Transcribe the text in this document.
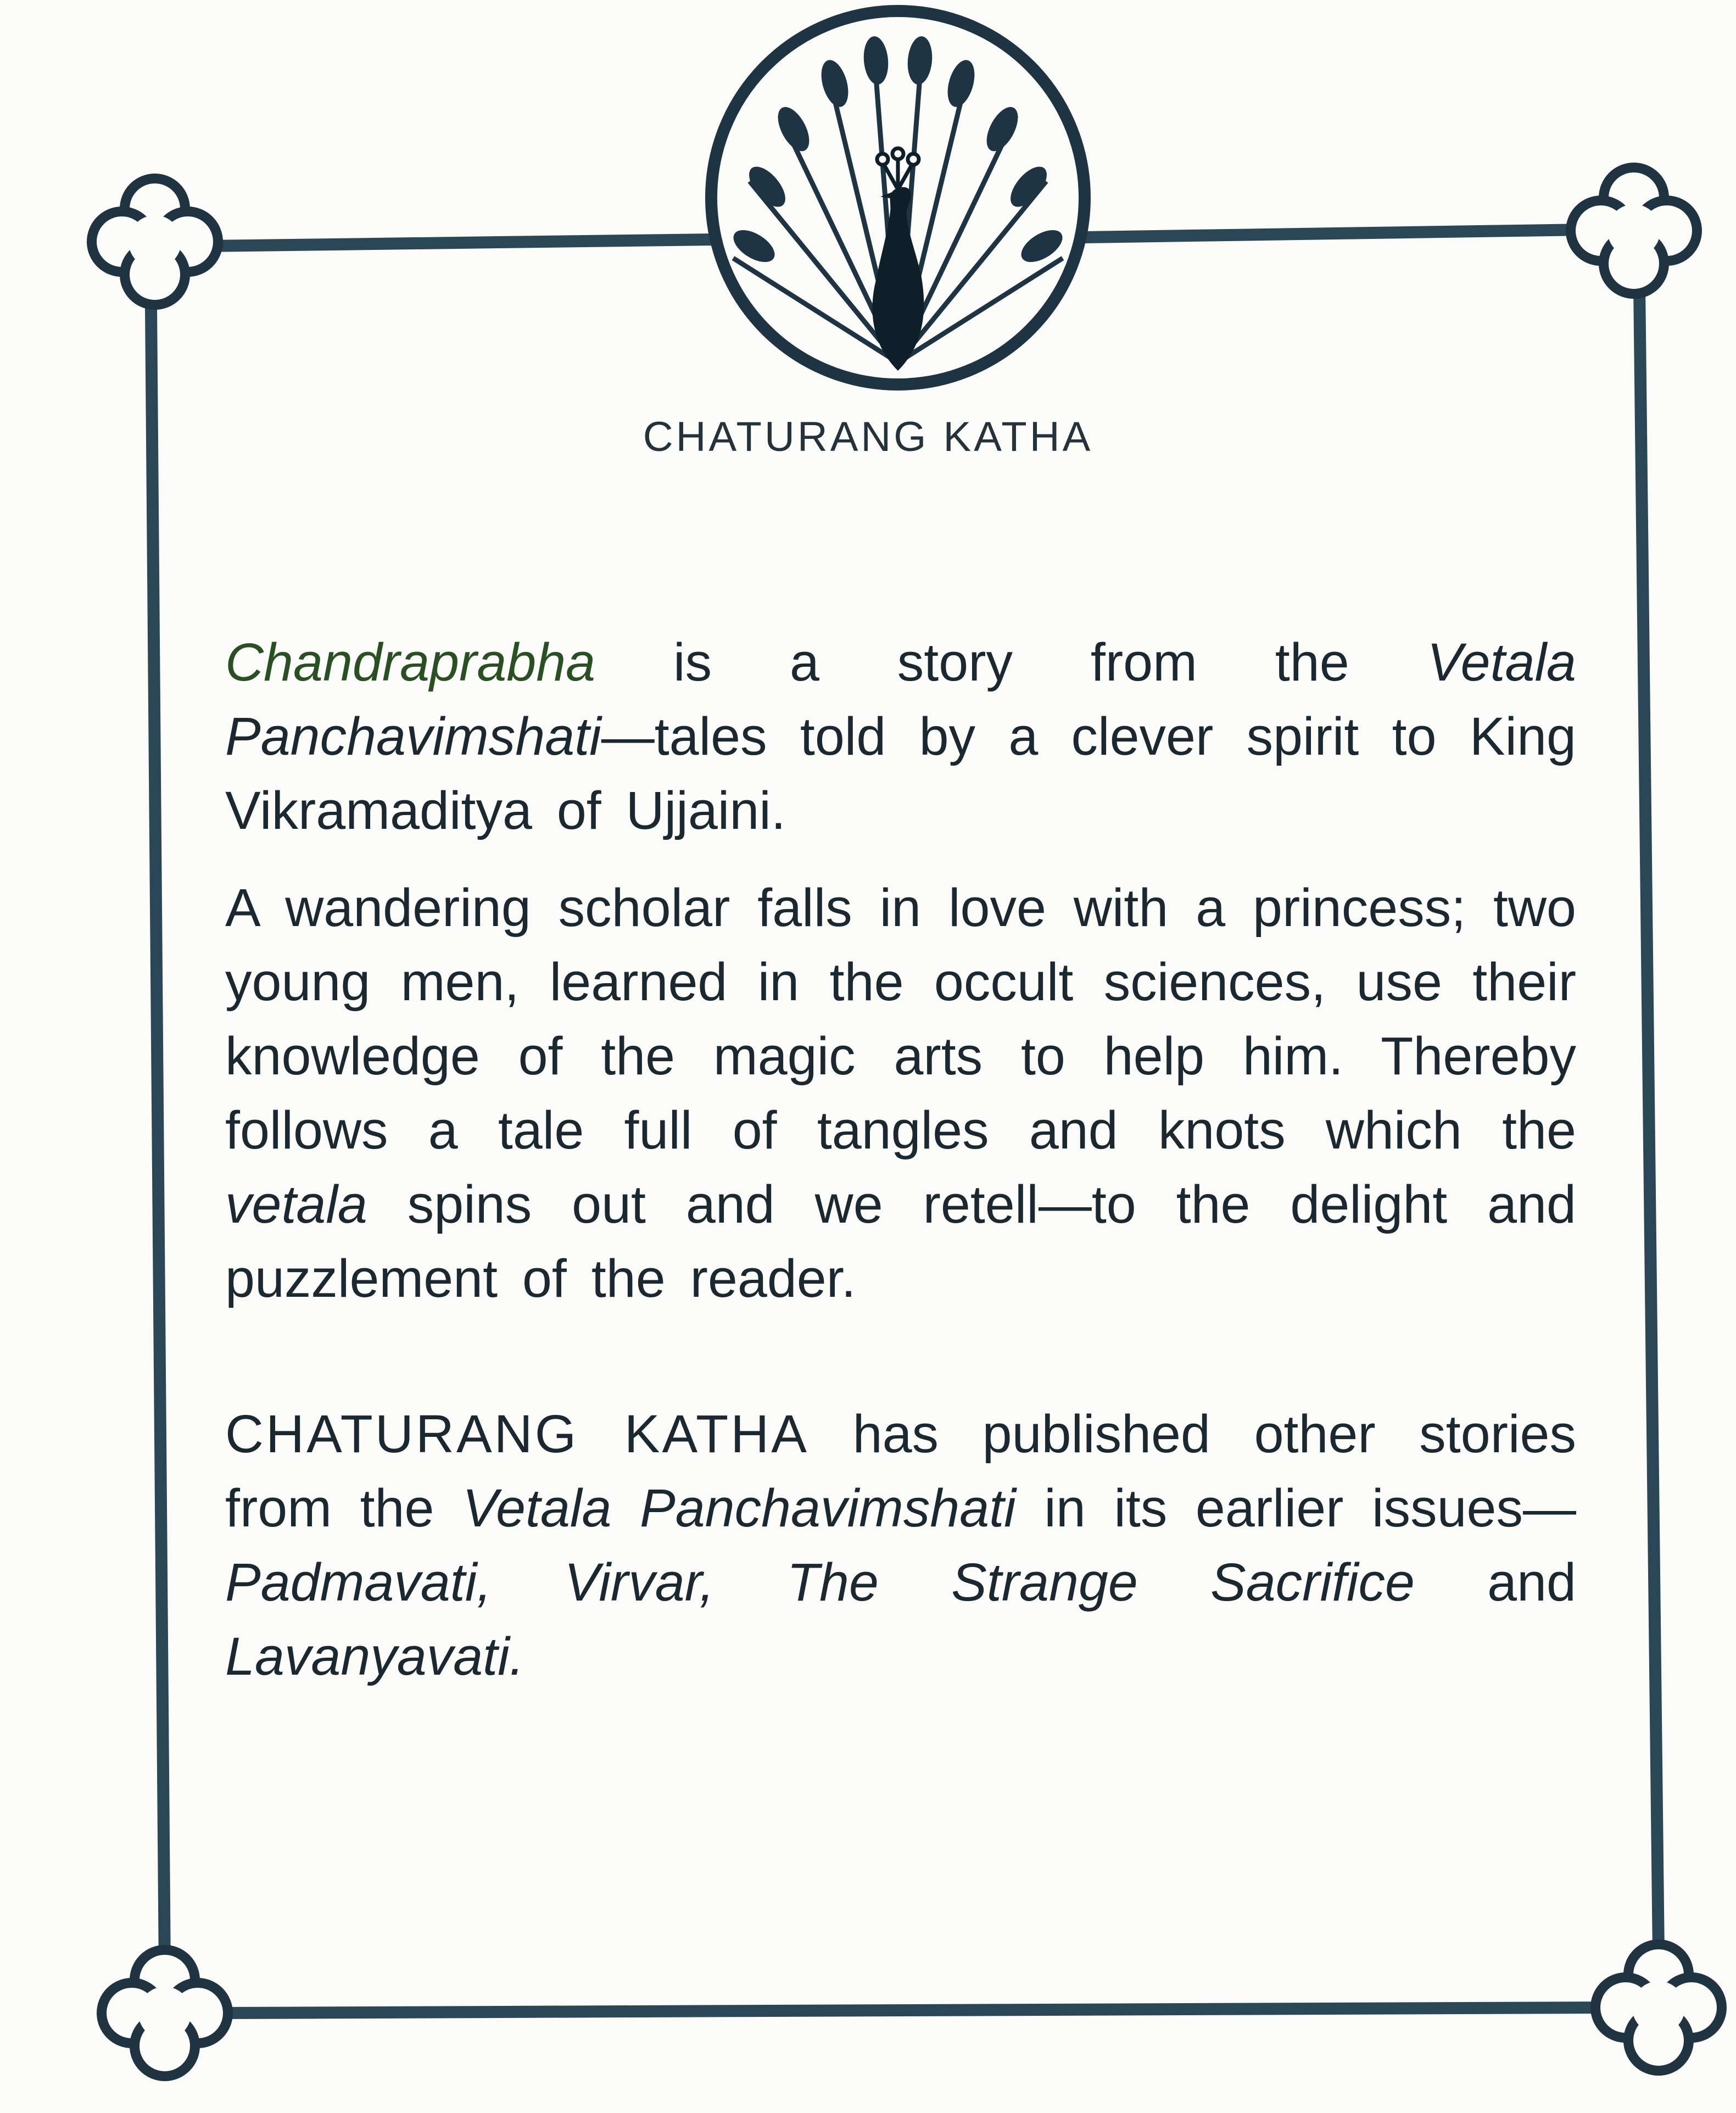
CHATURANG KATHA

Chandraprabha is a story from the Vetala Panchavimshati—tales told by a clever spirit to King Vikramaditya of Ujjaini.

A wandering scholar falls in love with a princess; two young men, learned in the occult sciences, use their knowledge of the magic arts to help him. Thereby follows a tale full of tangles and knots which the vetala spins out and we retell—to the delight and puzzlement of the reader.

CHATURANG KATHA has published other stories from the Vetala Panchavimshati in its earlier issues—Padmavati, Virvar, The Strange Sacrifice and Lavanyavati.
